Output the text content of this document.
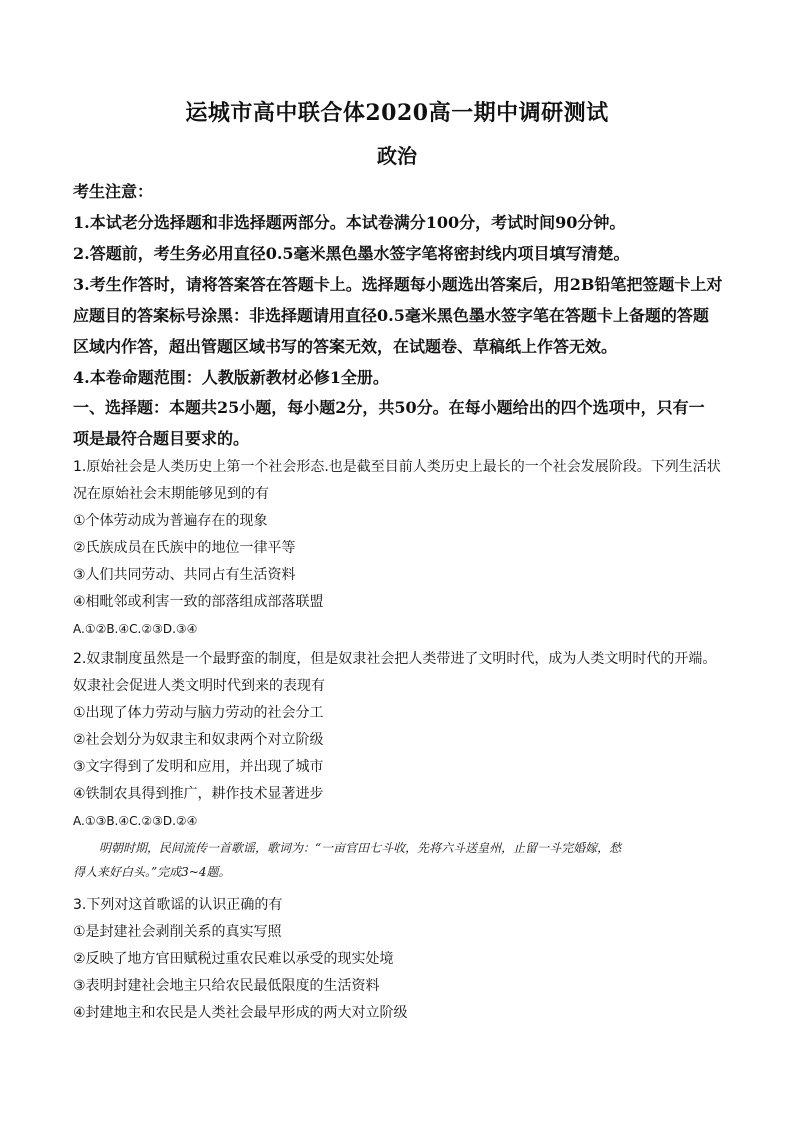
运城市高中联合体2020高一期中调研测试
政治
考生注意：
1.本试老分选择题和非选择题两部分。本试卷满分100分，考试时间90分钟。
2.答题前，考生务必用直径0.5毫米黑色墨水签字笔将密封线内项目填写清楚。
3.考生作答时，请将答案答在答题卡上。选择题每小题选出答案后，用2B铅笔把签题卡上对
应题目的答案标号涂黑：非选择题请用直径0.5毫米黑色墨水签字笔在答题卡上备题的答题
区域内作答，超出管题区域书写的答案无效，在试题卷、草稿纸上作答无效。
4.本卷命题范围：人教版新教材必修1全册。
一、选择题：本题共25小题，每小题2分，共50分。在每小题给出的四个选项中，只有一
项是最符合题目要求的。
1.原始社会是人类历史上第一个社会形态.也是截至目前人类历史上最长的一个社会发展阶段。下列生活状
况在原始社会末期能够见到的有
①个体劳动成为普遍存在的现象
②氏族成员在氏族中的地位一律平等
③人们共同劳动、共同占有生活资料
④相毗邻或利害一致的部落组成部落联盟
A.①②B.④C.②③D.③④
2.奴隶制度虽然是一个最野蛮的制度，但是奴隶社会把人类带进了文明时代，成为人类文明时代的开端。
奴隶社会促进人类文明时代到来的表现有
①出现了体力劳动与脑力劳动的社会分工
②社会划分为奴隶主和奴隶两个对立阶级
③文字得到了发明和应用，并出现了城市
④铁制农具得到推广，耕作技术显著进步
A.①③B.④C.②③D.②④
明朝时期，民间流传一首歌谣，歌词为：“一亩官田七斗收，先将六斗送皇州，止留一斗完婚嫁，愁
得人来好白头。”完成3~4题。
3.下列对这首歌谣的认识正确的有
①是封建社会剥削关系的真实写照
②反映了地方官田赋税过重农民难以承受的现实处境
③表明封建社会地主只给农民最低限度的生活资料
④封建地主和农民是人类社会最早形成的两大对立阶级
